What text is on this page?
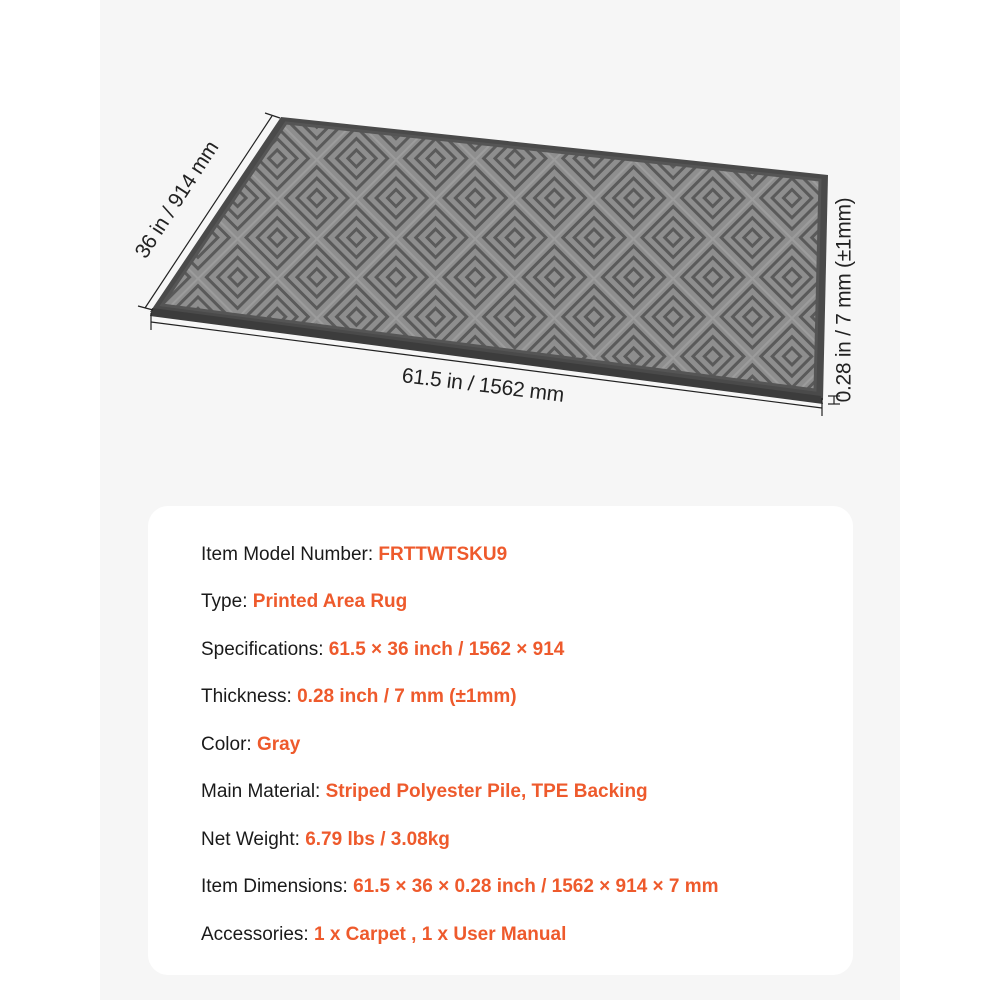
36 in / 914 mm
61.5 in / 1562 mm	0.28 in / 7 mm (±1mm)
Item Model Number: FRTTWTSKU9
Type: Printed Area Rug
Specifications: 61.5 × 36 inch / 1562 × 914
Thickness: 0.28 inch / 7 mm (±1mm)
Color: Gray
Main Material: Striped Polyester Pile, TPE Backing
Net Weight: 6.79 lbs / 3.08kg
Item Dimensions: 61.5 × 36 × 0.28 inch / 1562 × 914 × 7 mm
Accessories: 1 x Carpet , 1 x User Manual
